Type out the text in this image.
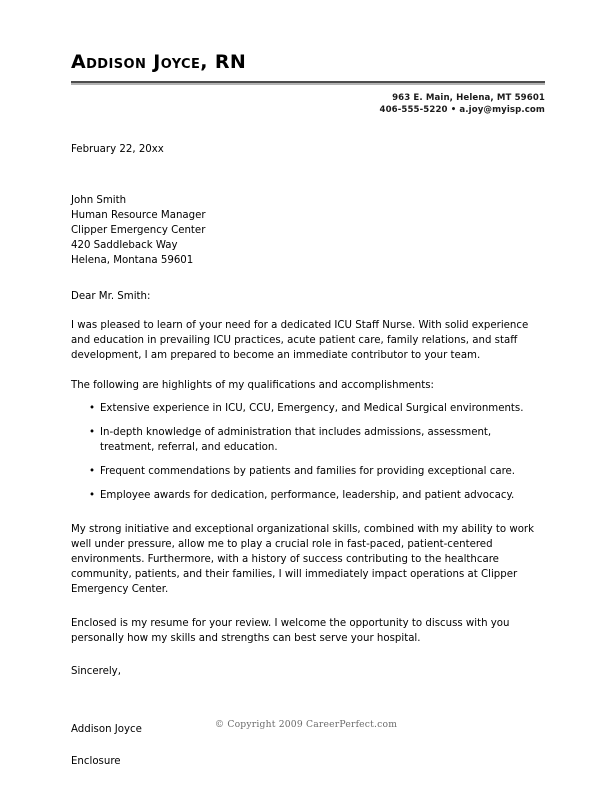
Addison Joyce, RN
963 E. Main, Helena, MT 59601
406-555-5220 • a.joy@myisp.com
February 22, 20xx
John Smith
Human Resource Manager
Clipper Emergency Center
420 Saddleback Way
Helena, Montana 59601
Dear Mr. Smith:
I was pleased to learn of your need for a dedicated ICU Staff Nurse. With solid experience and education in prevailing ICU practices, acute patient care, family relations, and staff development, I am prepared to become an immediate contributor to your team.
The following are highlights of my qualifications and accomplishments:
• Extensive experience in ICU, CCU, Emergency, and Medical Surgical environments.
• In-depth knowledge of administration that includes admissions, assessment, treatment, referral, and education.
• Frequent commendations by patients and families for providing exceptional care.
• Employee awards for dedication, performance, leadership, and patient advocacy.
My strong initiative and exceptional organizational skills, combined with my ability to work well under pressure, allow me to play a crucial role in fast-paced, patient-centered environments. Furthermore, with a history of success contributing to the healthcare community, patients, and their families, I will immediately impact operations at Clipper Emergency Center.
Enclosed is my resume for your review. I welcome the opportunity to discuss with you personally how my skills and strengths can best serve your hospital.
Sincerely,
Addison Joyce
Enclosure
© Copyright 2009 CareerPerfect.com
